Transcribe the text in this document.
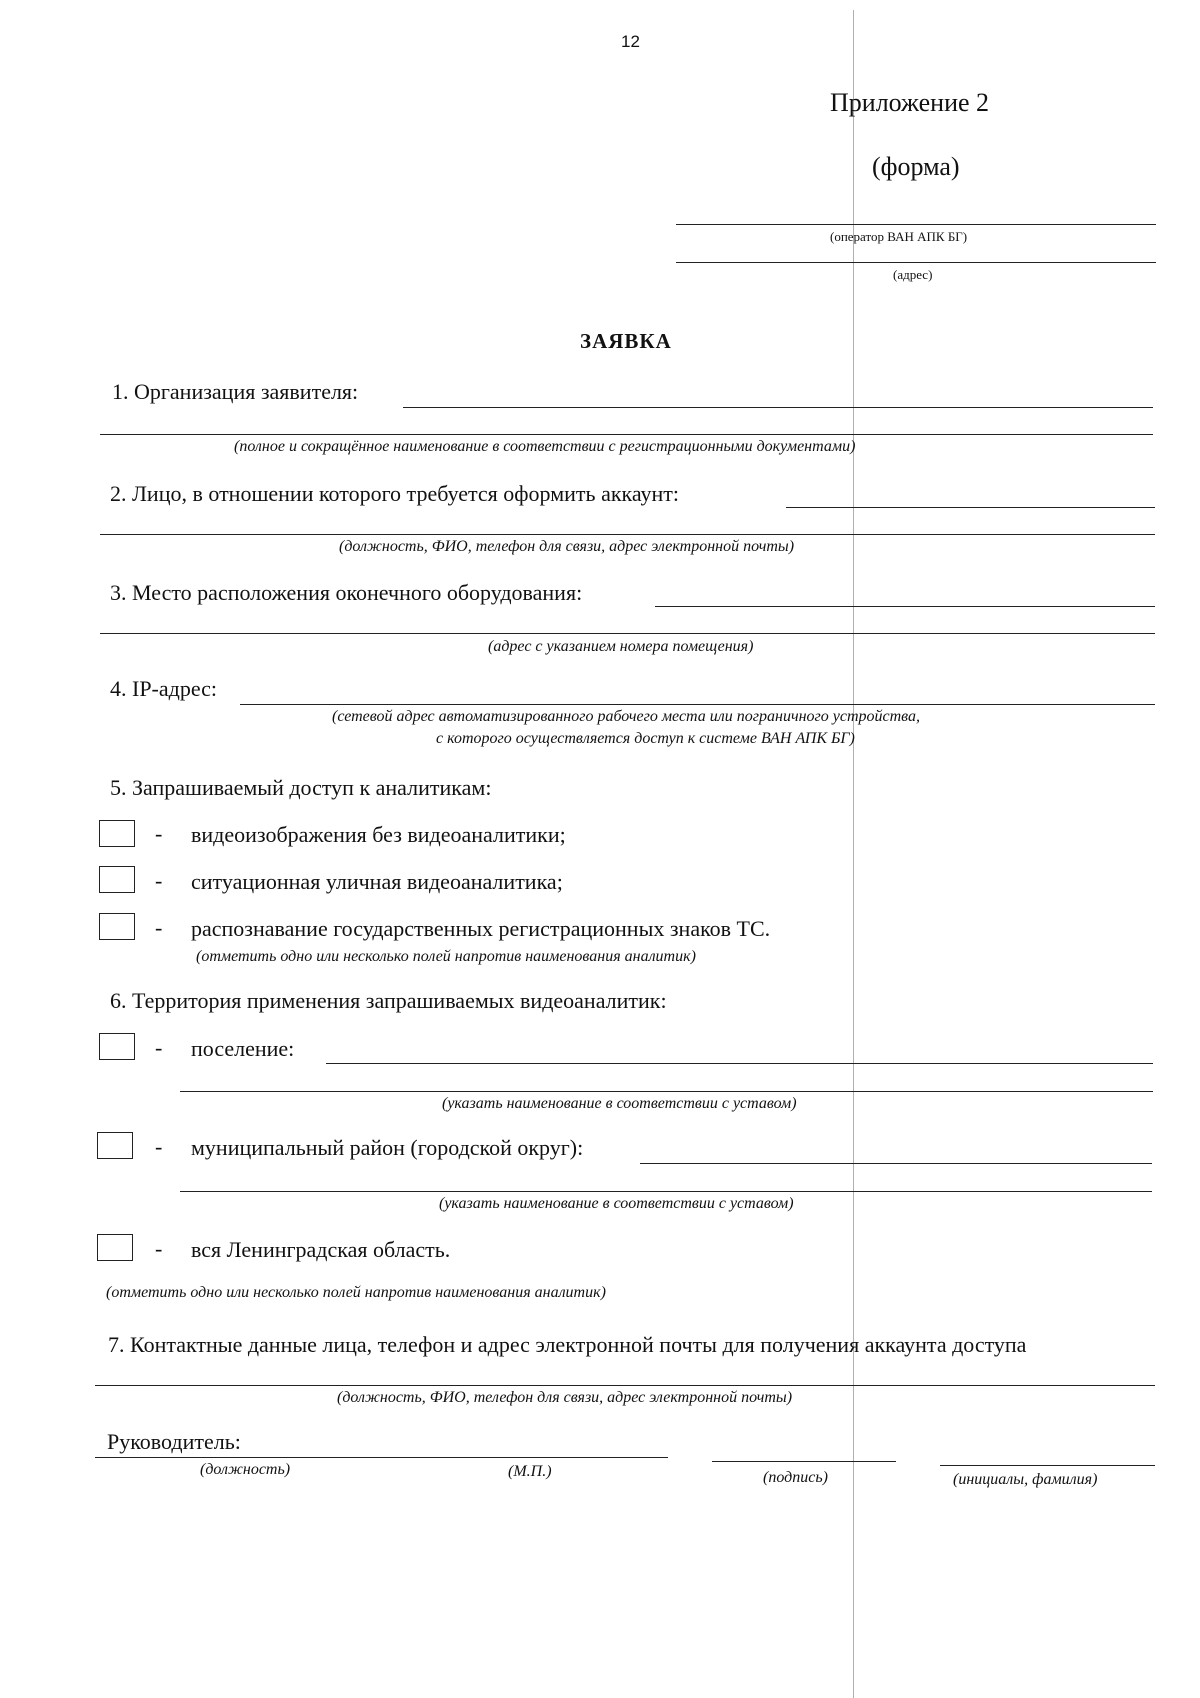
12
Приложение 2
(форма)
(оператор ВАН АПК БГ)
(адрес)
ЗАЯВКА
1. Организация заявителя:
(полное и сокращённое наименование в соответствии с регистрационными документами)
2. Лицо, в отношении которого требуется оформить аккаунт:
(должность, ФИО, телефон для связи, адрес электронной почты)
3. Место расположения оконечного оборудования:
(адрес с указанием номера помещения)
4. IP-адрес:
(сетевой адрес автоматизированного рабочего места или пограничного устройства,
с которого осуществляется доступ к системе ВАН АПК БГ)
5. Запрашиваемый доступ к аналитикам:
- видеоизображения без видеоаналитики;
- ситуационная уличная видеоаналитика;
- распознавание государственных регистрационных знаков ТС.
(отметить одно или несколько полей напротив наименования аналитик)
6. Территория применения запрашиваемых видеоаналитик:
- поселение:
(указать наименование в соответствии с уставом)
- муниципальный район (городской округ):
(указать наименование в соответствии с уставом)
- вся Ленинградская область.
(отметить одно или несколько полей напротив наименования аналитик)
7. Контактные данные лица, телефон и адрес электронной почты для получения аккаунта доступа
(должность, ФИО, телефон для связи, адрес электронной почты)
Руководитель:
(должность)	(М.П.)	(подпись)	(инициалы, фамилия)
